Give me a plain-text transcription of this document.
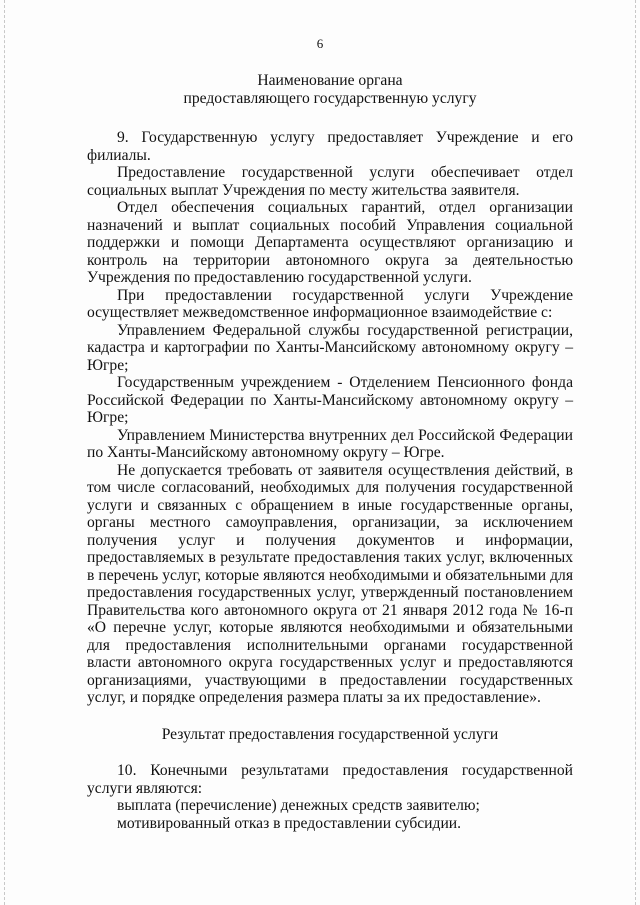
6

Наименование органа
предоставляющего государственную услугу

9. Государственную услугу предоставляет Учреждение и его филиалы.

Предоставление государственной услуги обеспечивает отдел социальных выплат Учреждения по месту жительства заявителя.

Отдел обеспечения социальных гарантий, отдел организации назначений и выплат социальных пособий Управления социальной поддержки и помощи Департамента осуществляют организацию и контроль на территории автономного округа за деятельностью Учреждения по предоставлению государственной услуги.

При предоставлении государственной услуги Учреждение осуществляет межведомственное информационное взаимодействие с:

Управлением Федеральной службы государственной регистрации, кадастра и картографии по Ханты-Мансийскому автономному округу – Югре;

Государственным учреждением - Отделением Пенсионного фонда Российской Федерации по Ханты-Мансийскому автономному округу – Югре;

Управлением Министерства внутренних дел Российской Федерации по Ханты-Мансийскому автономному округу – Югре.

Не допускается требовать от заявителя осуществления действий, в том числе согласований, необходимых для получения государственной услуги и связанных с обращением в иные государственные органы, органы местного самоуправления, организации, за исключением получения услуг и получения документов и информации, предоставляемых в результате предоставления таких услуг, включенных в перечень услуг, которые являются необходимыми и обязательными для предоставления государственных услуг, утвержденный постановлением Правительства кого автономного округа от 21 января 2012 года № 16-п «О перечне услуг, которые являются необходимыми и обязательными для предоставления исполнительными органами государственной власти автономного округа государственных услуг и предоставляются организациями, участвующими в предоставлении государственных услуг, и порядке определения размера платы за их предоставление».

Результат предоставления государственной услуги

10. Конечными результатами предоставления государственной услуги являются:

выплата (перечисление) денежных средств заявителю;

мотивированный отказ в предоставлении субсидии.
